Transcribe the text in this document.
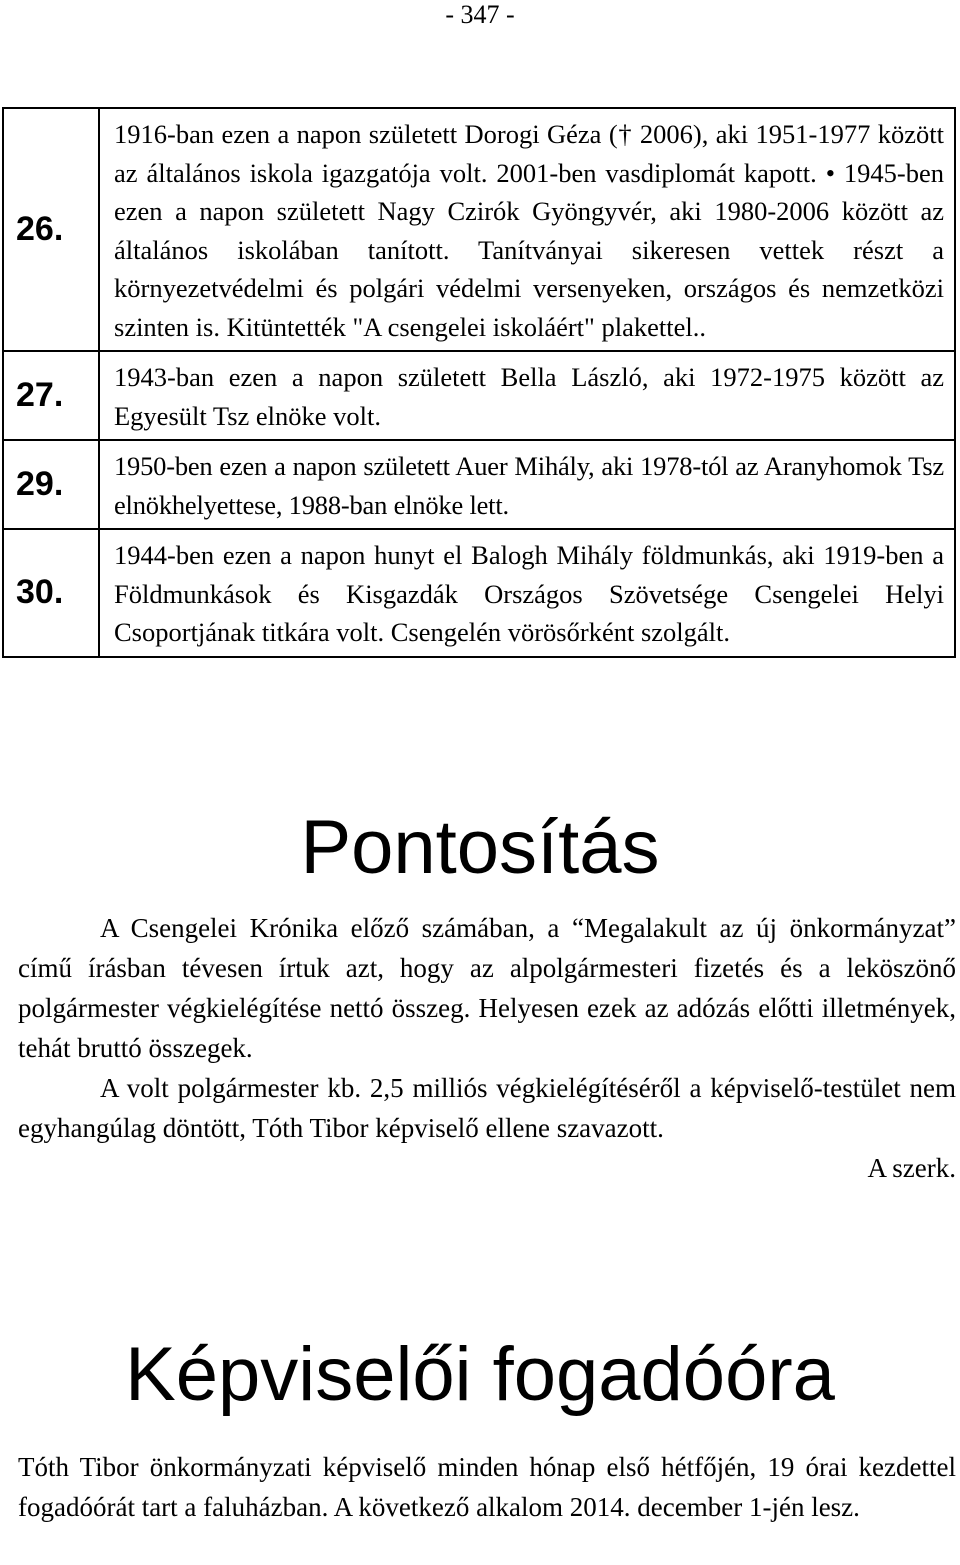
- 347 -
26.	1916-ban ezen a napon született Dorogi Géza († 2006), aki 1951-1977 között az általános iskola igazgatója volt. 2001-ben vasdiplomát kapott. • 1945-ben ezen a napon született Nagy Czirók Gyöngyvér, aki 1980-2006 között az általános iskolában tanított. Tanítványai sikeresen vettek részt a környezetvédelmi és polgári védelmi versenyeken, országos és nemzetközi szinten is. Kitüntették "A csengelei iskoláért" plakettel..
27.	1943-ban ezen a napon született Bella László, aki 1972-1975 között az Egyesült Tsz elnöke volt.
29.	1950-ben ezen a napon született Auer Mihály, aki 1978-tól az Aranyhomok Tsz elnökhelyettese, 1988-ban elnöke lett.
30.	1944-ben ezen a napon hunyt el Balogh Mihály földmunkás, aki 1919-ben a Földmunkások és Kisgazdák Országos Szövetsége Csengelei Helyi Csoportjának titkára volt. Csengelén vörösőrként szolgált.
Pontosítás

A Csengelei Krónika előző számában, a “Megalakult az új önkormányzat” című írásban tévesen írtuk azt, hogy az alpolgármesteri fizetés és a leköszönő polgármester végkielégítése nettó összeg. Helyesen ezek az adózás előtti illetmények, tehát bruttó összegek.

A volt polgármester kb. 2,5 milliós végkielégítéséről a képviselő-testület nem egyhangúlag döntött, Tóth Tibor képviselő ellene szavazott.

A szerk.

Képviselői fogadóóra

Tóth Tibor önkormányzati képviselő minden hónap első hétfőjén, 19 órai kezdettel fogadóórát tart a faluházban. A következő alkalom 2014. december 1-jén lesz.
